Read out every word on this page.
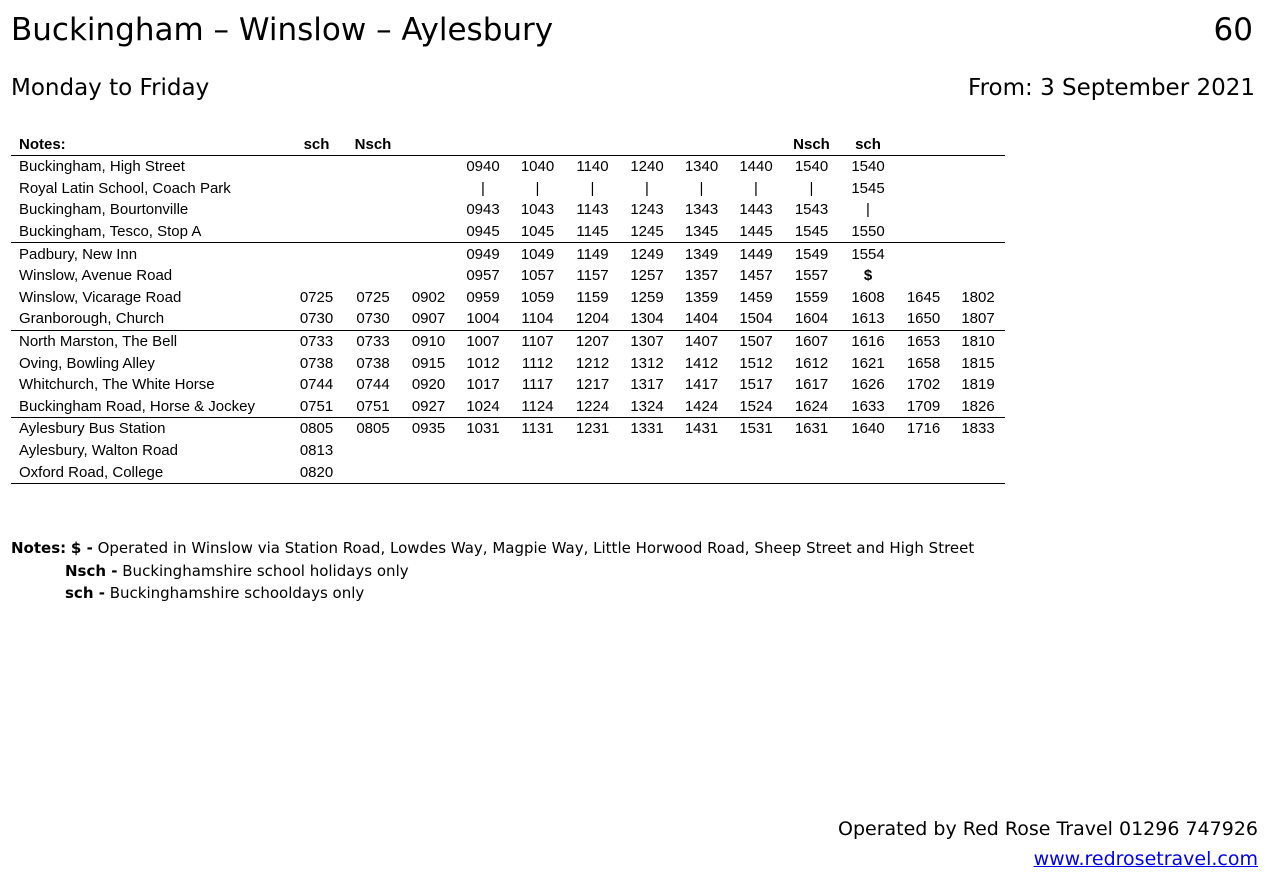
Buckingham – Winslow – Aylesbury	60
Monday to Friday	From: 3 September 2021
Notes:	sch	Nsch								Nsch	sch		
Buckingham, High Street				0940	1040	1140	1240	1340	1440	1540	1540		
Royal Latin School, Coach Park				|	|	|	|	|	|	|	1545		
Buckingham, Bourtonville				0943	1043	1143	1243	1343	1443	1543	|		
Buckingham, Tesco, Stop A				0945	1045	1145	1245	1345	1445	1545	1550		
Padbury, New Inn				0949	1049	1149	1249	1349	1449	1549	1554		
Winslow, Avenue Road				0957	1057	1157	1257	1357	1457	1557	$		
Winslow, Vicarage Road	0725	0725	0902	0959	1059	1159	1259	1359	1459	1559	1608	1645	1802
Granborough, Church	0730	0730	0907	1004	1104	1204	1304	1404	1504	1604	1613	1650	1807
North Marston, The Bell	0733	0733	0910	1007	1107	1207	1307	1407	1507	1607	1616	1653	1810
Oving, Bowling Alley	0738	0738	0915	1012	1112	1212	1312	1412	1512	1612	1621	1658	1815
Whitchurch, The White Horse	0744	0744	0920	1017	1117	1217	1317	1417	1517	1617	1626	1702	1819
Buckingham Road, Horse & Jockey	0751	0751	0927	1024	1124	1224	1324	1424	1524	1624	1633	1709	1826
Aylesbury Bus Station	0805	0805	0935	1031	1131	1231	1331	1431	1531	1631	1640	1716	1833
Aylesbury, Walton Road	0813												
Oxford Road, College	0820												
Notes: $ - Operated in Winslow via Station Road, Lowdes Way, Magpie Way, Little Horwood Road, Sheep Street and High Street
Nsch - Buckinghamshire school holidays only
sch - Buckinghamshire schooldays only
Operated by Red Rose Travel 01296 747926
www.redrosetravel.com
